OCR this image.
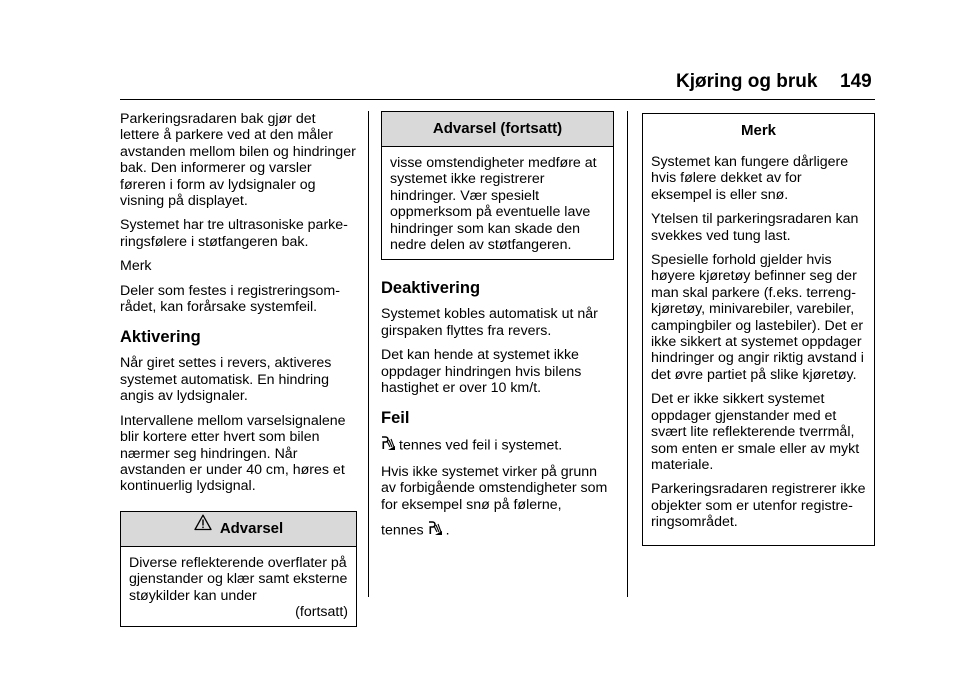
Kjøring og bruk 149

Parkeringsradaren bak gjør det lettere å parkere ved at den måler avstanden mellom bilen og hindringer bak. Den informerer og varsler føreren i form av lydsignaler og visning på displayet.

Systemet har tre ultrasoniske parkeringsfølere i støtfangeren bak.

Merk

Deler som festes i registreringsområdet, kan forårsake systemfeil.

Aktivering

Når giret settes i revers, aktiveres systemet automatisk. En hindring angis av lydsignaler.

Intervallene mellom varselsignalene blir kortere etter hvert som bilen nærmer seg hindringen. Når avstanden er under 40 cm, høres et kontinuerlig lydsignal.

Advarsel

Diverse reflekterende overflater på gjenstander og klær samt eksterne støykilder kan under

(fortsatt)

Advarsel (fortsatt)

visse omstendigheter medføre at systemet ikke registrerer hindringer. Vær spesielt oppmerksom på eventuelle lave hindringer som kan skade den nedre delen av støtfangeren.

Deaktivering

Systemet kobles automatisk ut når girspaken flyttes fra revers.

Det kan hende at systemet ikke oppdager hindringen hvis bilens hastighet er over 10 km/t.

Feil

tennes ved feil i systemet.

Hvis ikke systemet virker på grunn av forbigående omstendigheter som for eksempel snø på følerne,

tennes .

Merk

Systemet kan fungere dårligere hvis følere dekket av for eksempel is eller snø.

Ytelsen til parkeringsradaren kan svekkes ved tung last.

Spesielle forhold gjelder hvis høyere kjøretøy befinner seg der man skal parkere (f.eks. terrengkjøretøy, minivarebiler, varebiler, campingbiler og lastebiler). Det er ikke sikkert at systemet oppdager hindringer og angir riktig avstand i det øvre partiet på slike kjøretøy.

Det er ikke sikkert systemet oppdager gjenstander med et svært lite reflekterende tverrmål, som enten er smale eller av mykt materiale.

Parkeringsradaren registrerer ikke objekter som er utenfor registreringsområdet.
